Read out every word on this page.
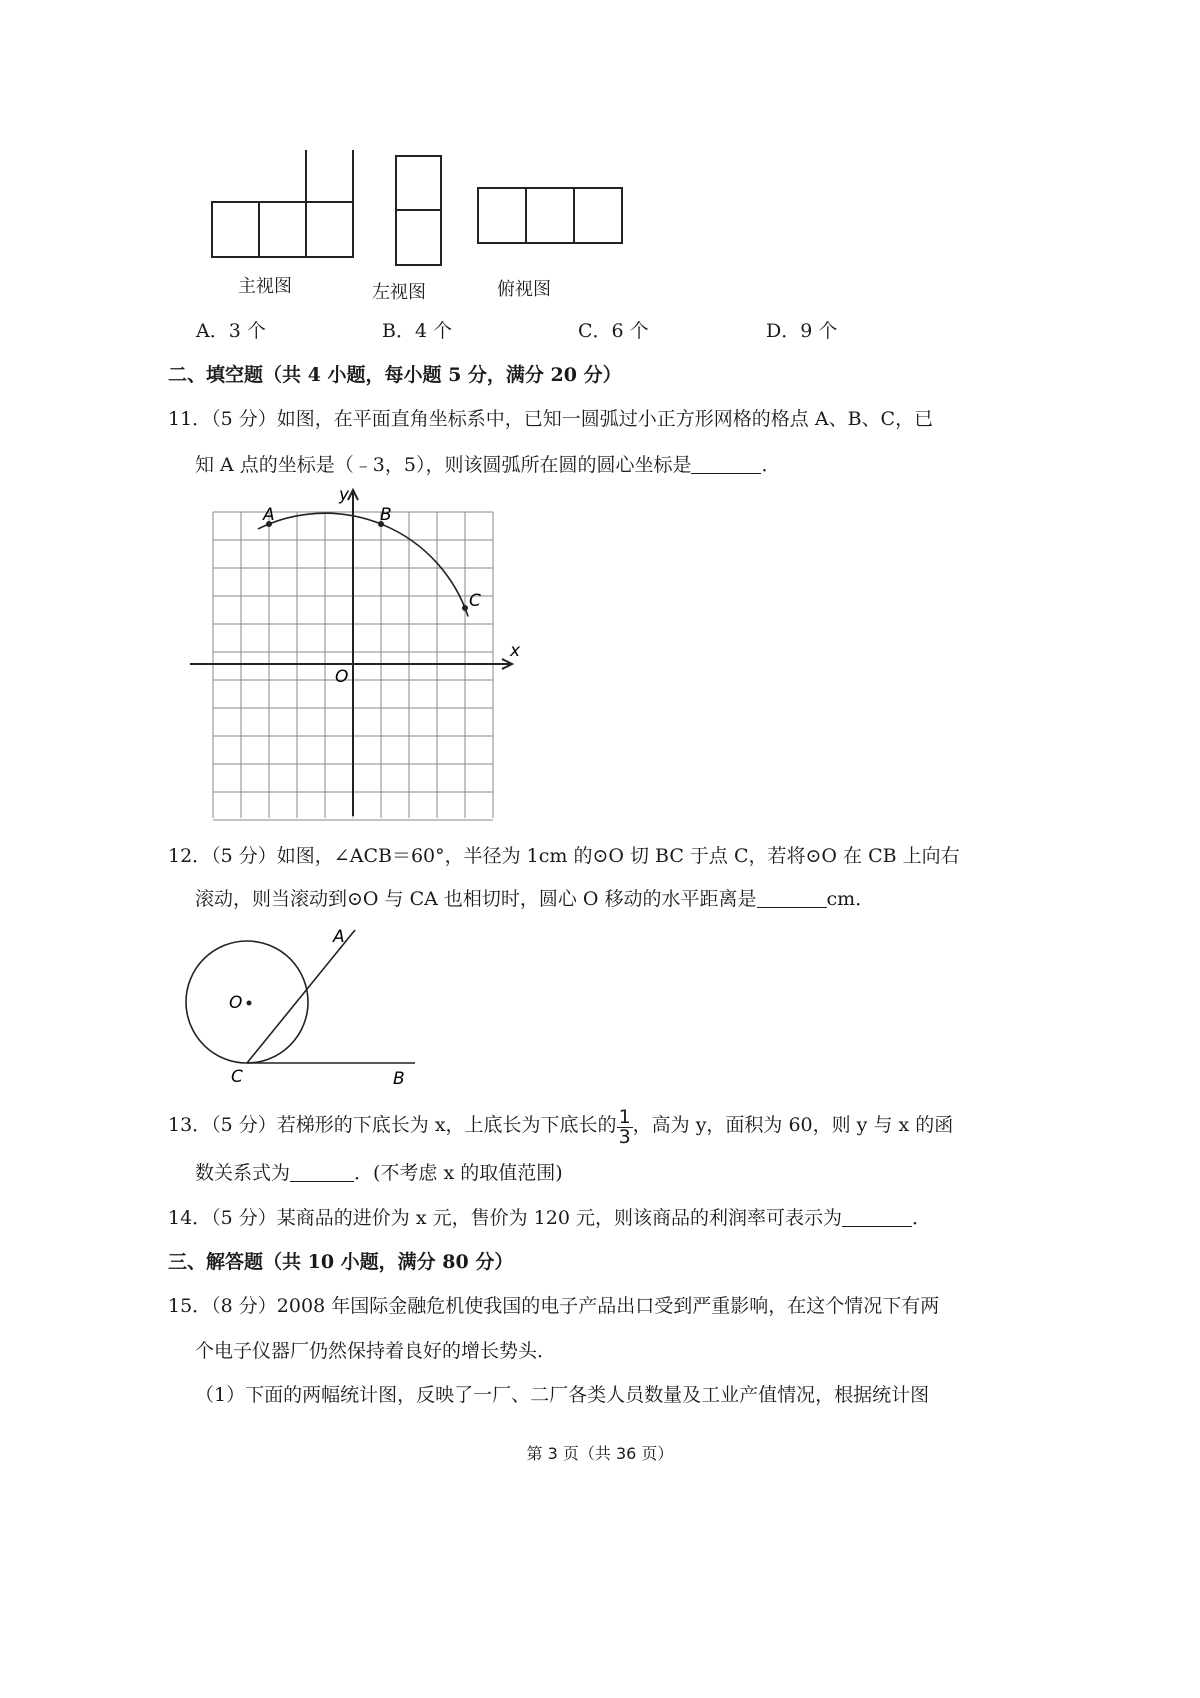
主视图	左视图	俯视图
A．3 个	B．4 个	C．6 个	D．9 个
二、填空题（共 4 小题，每小题 5 分，满分 20 分）
11．（5 分）如图，在平面直角坐标系中，已知一圆弧过小正方形网格的格点 A、B、C，已
知 A 点的坐标是（﹣3，5），则该圆弧所在圆的圆心坐标是	．
A	B
C
O
x
y
12．（5 分）如图，∠ACB＝60°，半径为 1cm 的⊙O 切 BC 于点 C，若将⊙O 在 CB 上向右
滚动，则当滚动到⊙O 与 CA 也相切时，圆心 O 移动的水平距离是	cm．
O
A
C	B
13．（5 分）若梯形的下底长为 x，上底长为下底长的 $\frac{1}{3}$ ，高为 y，面积为 60，则 y 与 x 的函
数关系式为	．(不考虑 x 的取值范围)
14．（5 分）某商品的进价为 x 元，售价为 120 元，则该商品的利润率可表示为	．
三、解答题（共 10 小题，满分 80 分）
15．（8 分）2008 年国际金融危机使我国的电子产品出口受到严重影响，在这个情况下有两
个电子仪器厂仍然保持着良好的增长势头．
（1）下面的两幅统计图，反映了一厂、二厂各类人员数量及工业产值情况，根据统计图
第 3 页（共 36 页）
